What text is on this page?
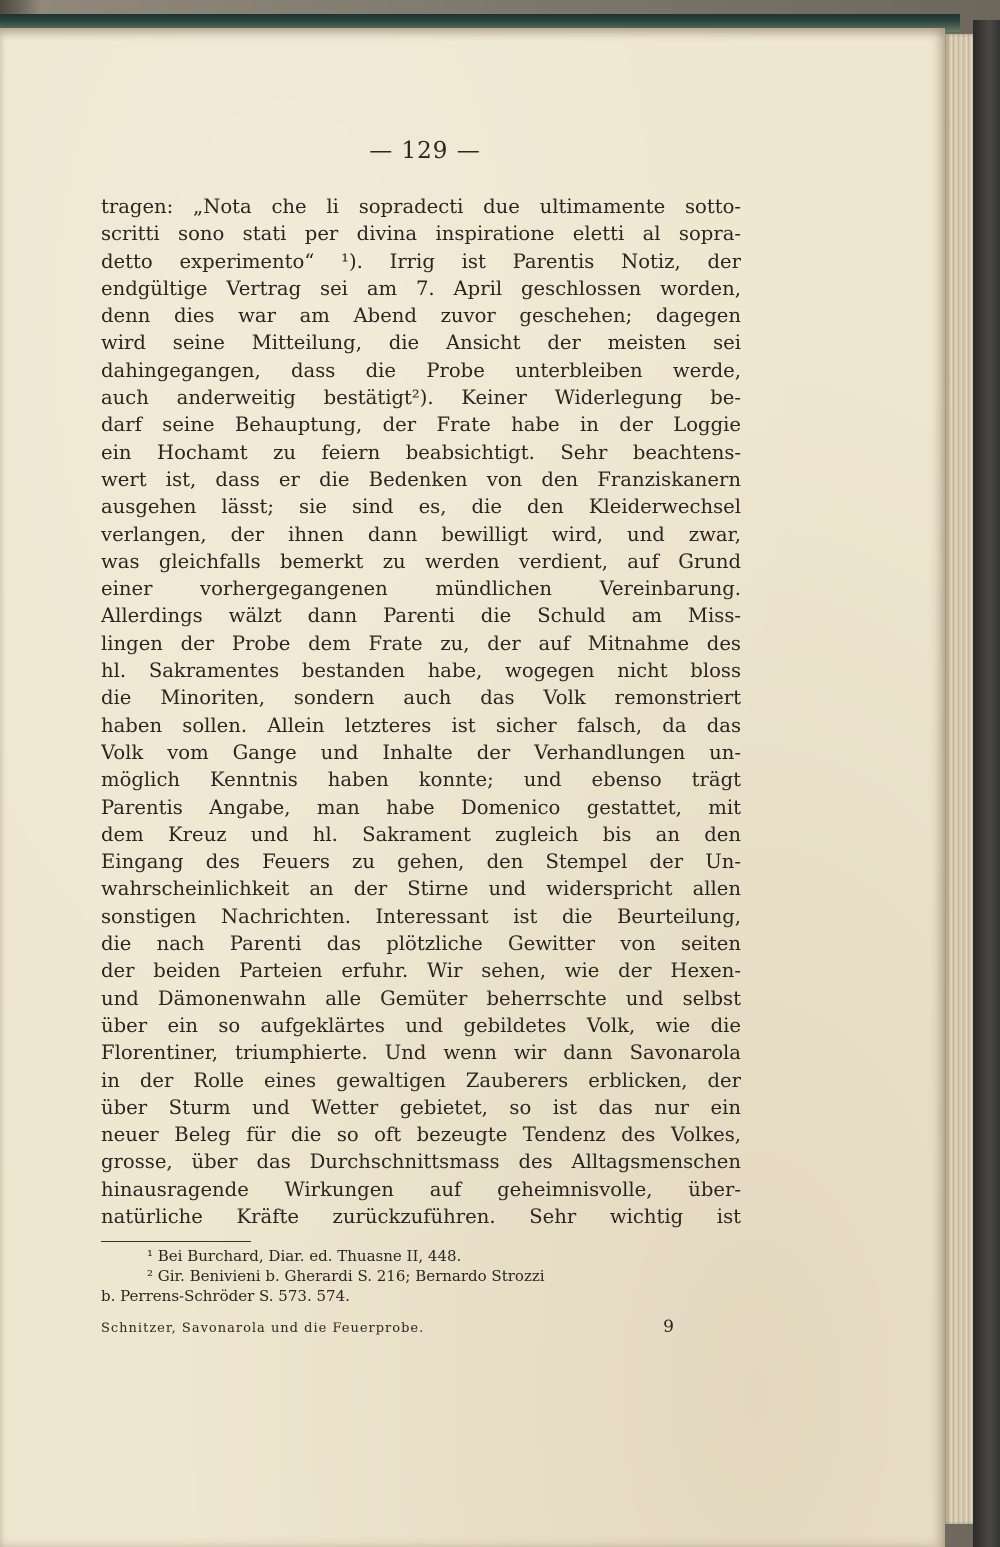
— 129 —
tragen: „Nota che li sopradecti due ultimamente sotto-
scritti sono stati per divina inspiratione eletti al sopra-
detto experimento“ ¹). Irrig ist Parentis Notiz, der
endgültige Vertrag sei am 7. April geschlossen worden,
denn dies war am Abend zuvor geschehen; dagegen
wird seine Mitteilung, die Ansicht der meisten sei
dahingegangen, dass die Probe unterbleiben werde,
auch anderweitig bestätigt²). Keiner Widerlegung be-
darf seine Behauptung, der Frate habe in der Loggie
ein Hochamt zu feiern beabsichtigt. Sehr beachtens-
wert ist, dass er die Bedenken von den Franziskanern
ausgehen lässt; sie sind es, die den Kleiderwechsel
verlangen, der ihnen dann bewilligt wird, und zwar,
was gleichfalls bemerkt zu werden verdient, auf Grund
einer vorhergegangenen mündlichen Vereinbarung.
Allerdings wälzt dann Parenti die Schuld am Miss-
lingen der Probe dem Frate zu, der auf Mitnahme des
hl. Sakramentes bestanden habe, wogegen nicht bloss
die Minoriten, sondern auch das Volk remonstriert
haben sollen. Allein letzteres ist sicher falsch, da das
Volk vom Gange und Inhalte der Verhandlungen un-
möglich Kenntnis haben konnte; und ebenso trägt
Parentis Angabe, man habe Domenico gestattet, mit
dem Kreuz und hl. Sakrament zugleich bis an den
Eingang des Feuers zu gehen, den Stempel der Un-
wahrscheinlichkeit an der Stirne und widerspricht allen
sonstigen Nachrichten. Interessant ist die Beurteilung,
die nach Parenti das plötzliche Gewitter von seiten
der beiden Parteien erfuhr. Wir sehen, wie der Hexen-
und Dämonenwahn alle Gemüter beherrschte und selbst
über ein so aufgeklärtes und gebildetes Volk, wie die
Florentiner, triumphierte. Und wenn wir dann Savonarola
in der Rolle eines gewaltigen Zauberers erblicken, der
über Sturm und Wetter gebietet, so ist das nur ein
neuer Beleg für die so oft bezeugte Tendenz des Volkes,
grosse, über das Durchschnittsmass des Alltagsmenschen
hinausragende Wirkungen auf geheimnisvolle, über-
natürliche Kräfte zurückzuführen. Sehr wichtig ist
¹ Bei Burchard, Diar. ed. Thuasne II, 448.
² Gir. Benivieni b. Gherardi S. 216; Bernardo Strozzi
b. Perrens-Schröder S. 573. 574.
Schnitzer, Savonarola und die Feuerprobe.	9
